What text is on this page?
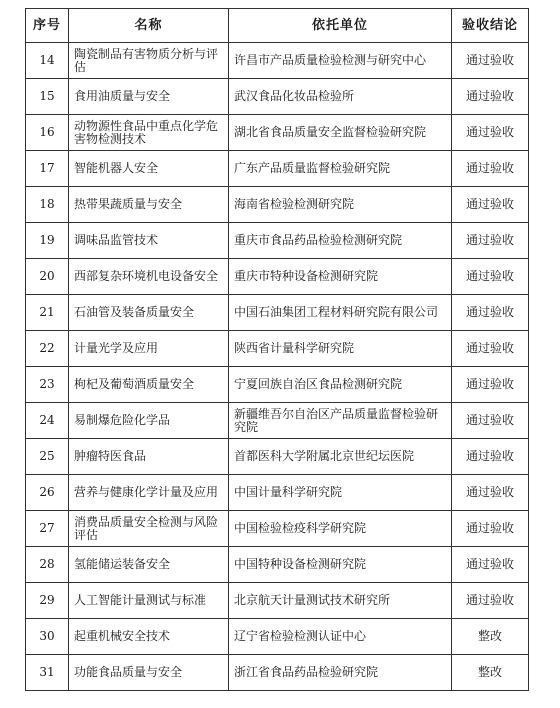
序号	名称	依托单位	验收结论
14	陶瓷制品有害物质分析与评估	许昌市产品质量检验检测与研究中心	通过验收
15	食用油质量与安全	武汉食品化妆品检验所	通过验收
16	动物源性食品中重点化学危害物检测技术	湖北省食品质量安全监督检验研究院	通过验收
17	智能机器人安全	广东产品质量监督检验研究院	通过验收
18	热带果蔬质量与安全	海南省检验检测研究院	通过验收
19	调味品监管技术	重庆市食品药品检验检测研究院	通过验收
20	西部复杂环境机电设备安全	重庆市特种设备检测研究院	通过验收
21	石油管及装备质量安全	中国石油集团工程材料研究院有限公司	通过验收
22	计量光学及应用	陕西省计量科学研究院	通过验收
23	枸杞及葡萄酒质量安全	宁夏回族自治区食品检测研究院	通过验收
24	易制爆危险化学品	新疆维吾尔自治区产品质量监督检验研究院	通过验收
25	肿瘤特医食品	首都医科大学附属北京世纪坛医院	通过验收
26	营养与健康化学计量及应用	中国计量科学研究院	通过验收
27	消费品质量安全检测与风险评估	中国检验检疫科学研究院	通过验收
28	氢能储运装备安全	中国特种设备检测研究院	通过验收
29	人工智能计量测试与标准	北京航天计量测试技术研究所	通过验收
30	起重机械安全技术	辽宁省检验检测认证中心	整改
31	功能食品质量与安全	浙江省食品药品检验研究院	整改
